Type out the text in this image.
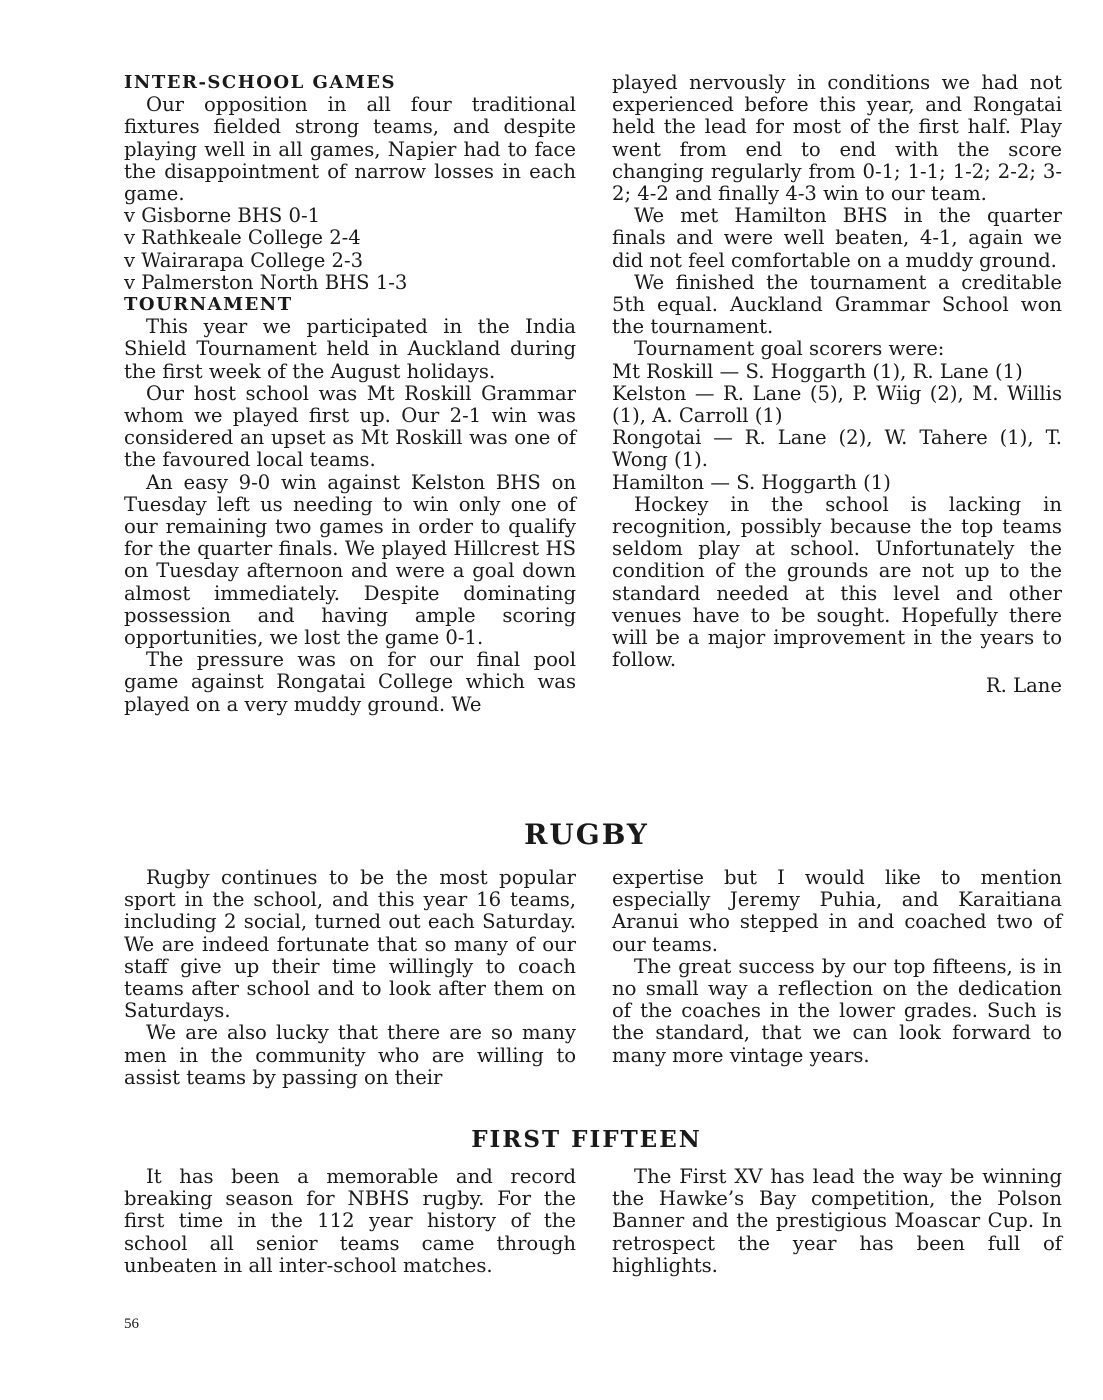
INTER-SCHOOL GAMES

Our opposition in all four traditional fixtures fielded strong teams, and despite playing well in all games, Napier had to face the disappointment of narrow losses in each game.

v Gisborne BHS 0-1

v Rathkeale College 2-4

v Wairarapa College 2-3

v Palmerston North BHS 1-3

TOURNAMENT

This year we participated in the India Shield Tournament held in Auckland during the first week of the August holidays.

Our host school was Mt Roskill Grammar whom we played first up. Our 2-1 win was considered an upset as Mt Roskill was one of the favoured local teams.

An easy 9-0 win against Kelston BHS on Tuesday left us needing to win only one of our remaining two games in order to qualify for the quarter finals. We played Hillcrest HS on Tuesday afternoon and were a goal down almost immediately. Despite dominating possession and having ample scoring opportunities, we lost the game 0-1.

The pressure was on for our final pool game against Rongatai College which was played on a very muddy ground. We

played nervously in conditions we had not experienced before this year, and Rongatai held the lead for most of the first half. Play went from end to end with the score changing regularly from 0-1; 1-1; 1-2; 2-2; 3-2; 4-2 and finally 4-3 win to our team.

We met Hamilton BHS in the quarter finals and were well beaten, 4-1, again we did not feel comfortable on a muddy ground.

We finished the tournament a creditable 5th equal. Auckland Grammar School won the tournament.

Tournament goal scorers were:

Mt Roskill — S. Hoggarth (1), R. Lane (1)

Kelston — R. Lane (5), P. Wiig (2), M. Willis (1), A. Carroll (1)

Rongotai — R. Lane (2), W. Tahere (1), T. Wong (1).

Hamilton — S. Hoggarth (1)

Hockey in the school is lacking in recognition, possibly because the top teams seldom play at school. Unfortunately the condition of the grounds are not up to the standard needed at this level and other venues have to be sought. Hopefully there will be a major improvement in the years to follow.

R. Lane

RUGBY

Rugby continues to be the most popular sport in the school, and this year 16 teams, including 2 social, turned out each Saturday. We are indeed fortunate that so many of our staff give up their time willingly to coach teams after school and to look after them on Saturdays.

We are also lucky that there are so many men in the community who are willing to assist teams by passing on their

expertise but I would like to mention especially Jeremy Puhia, and Karaitiana Aranui who stepped in and coached two of our teams.

The great success by our top fifteens, is in no small way a reflection on the dedication of the coaches in the lower grades. Such is the standard, that we can look forward to many more vintage years.

FIRST FIFTEEN

It has been a memorable and record breaking season for NBHS rugby. For the first time in the 112 year history of the school all senior teams came through unbeaten in all inter-school matches.

The First XV has lead the way be winning the Hawke’s Bay competition, the Polson Banner and the prestigious Moascar Cup. In retrospect the year has been full of highlights.

56
